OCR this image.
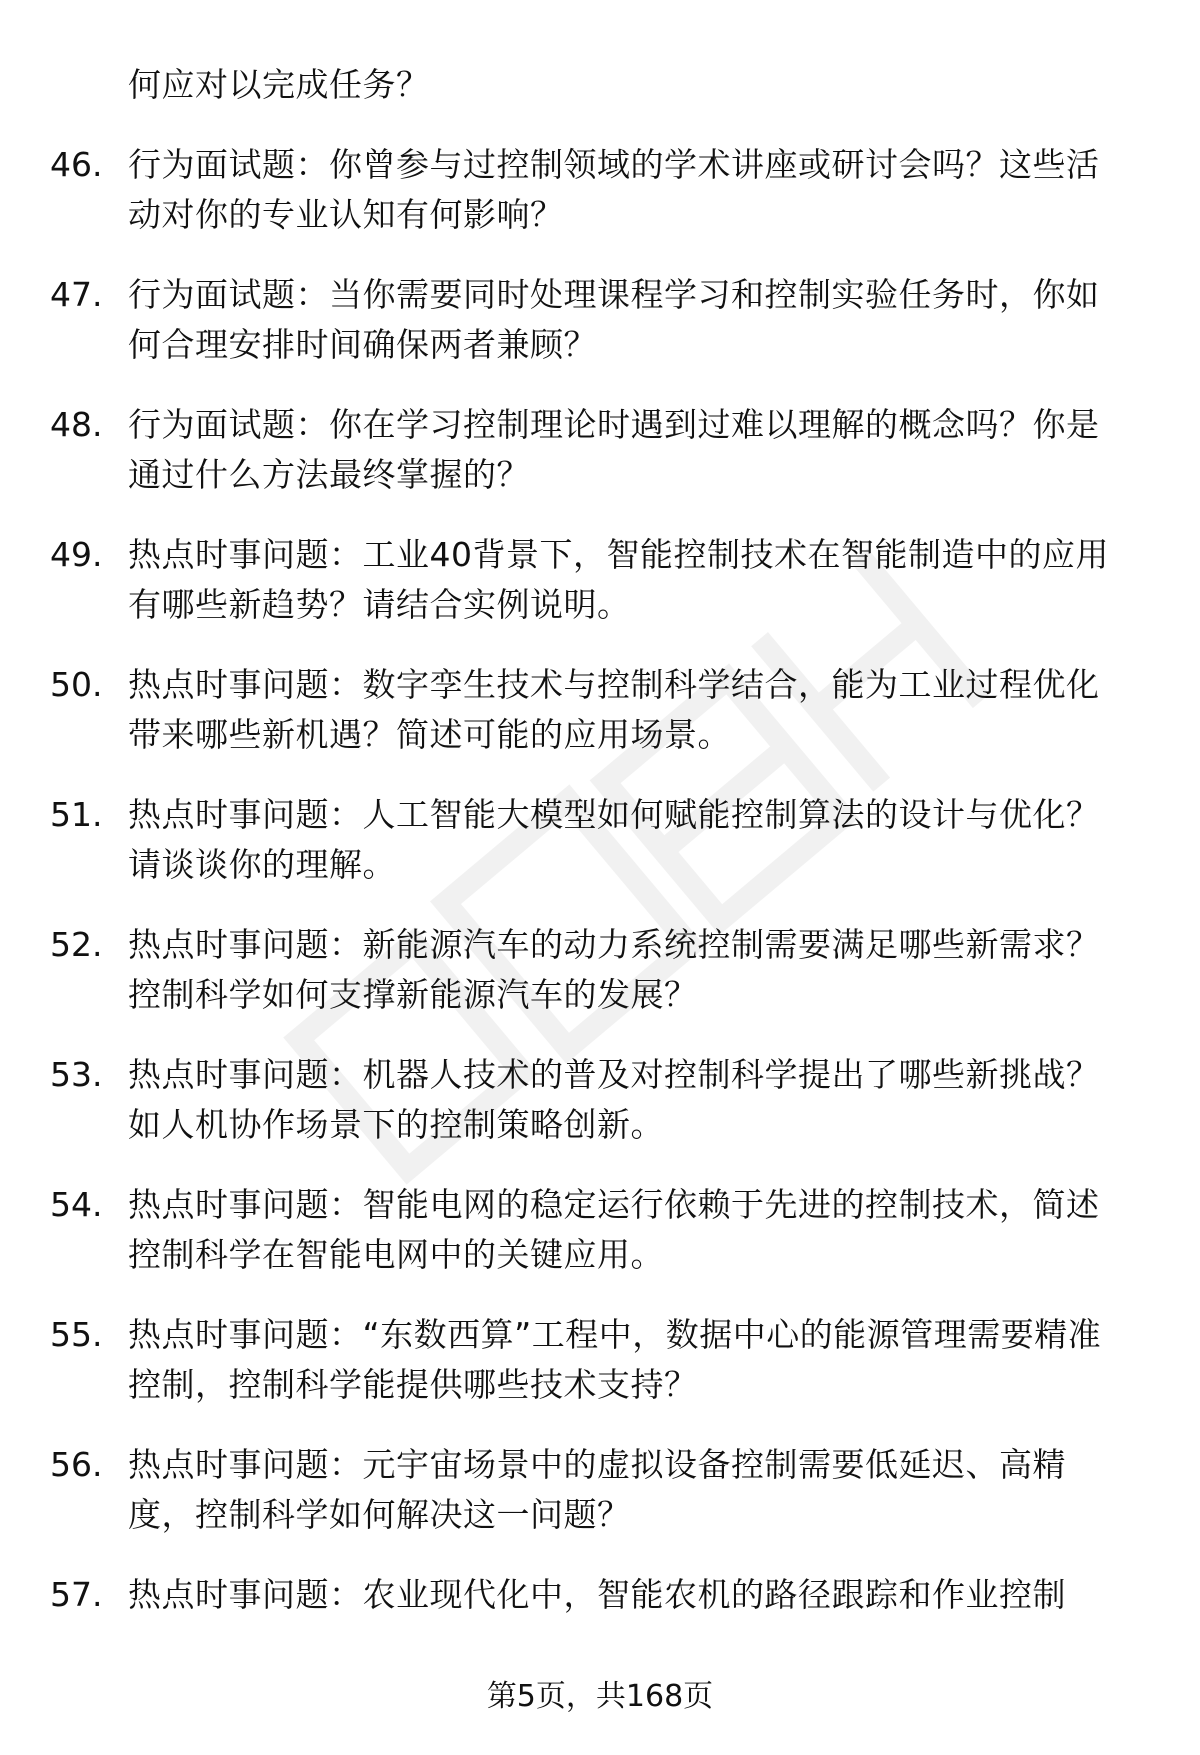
何应对以完成任务？

46. 行为面试题：你曾参与过控制领域的学术讲座或研讨会吗？这些活动对你的专业认知有何影响？
47. 行为面试题：当你需要同时处理课程学习和控制实验任务时，你如何合理安排时间确保两者兼顾？
48. 行为面试题：你在学习控制理论时遇到过难以理解的概念吗？你是通过什么方法最终掌握的？
49. 热点时事问题：工业40背景下，智能控制技术在智能制造中的应用有哪些新趋势？请结合实例说明。
50. 热点时事问题：数字孪生技术与控制科学结合，能为工业过程优化带来哪些新机遇？简述可能的应用场景。
51. 热点时事问题：人工智能大模型如何赋能控制算法的设计与优化？请谈谈你的理解。
52. 热点时事问题：新能源汽车的动力系统控制需要满足哪些新需求？控制科学如何支撑新能源汽车的发展？
53. 热点时事问题：机器人技术的普及对控制科学提出了哪些新挑战？如人机协作场景下的控制策略创新。
54. 热点时事问题：智能电网的稳定运行依赖于先进的控制技术，简述控制科学在智能电网中的关键应用。
55. 热点时事问题：“东数西算”工程中，数据中心的能源管理需要精准控制，控制科学能提供哪些技术支持？
56. 热点时事问题：元宇宙场景中的虚拟设备控制需要低延迟、高精度，控制科学如何解决这一问题？
57. 热点时事问题：农业现代化中，智能农机的路径跟踪和作业控制
第5页，共168页
